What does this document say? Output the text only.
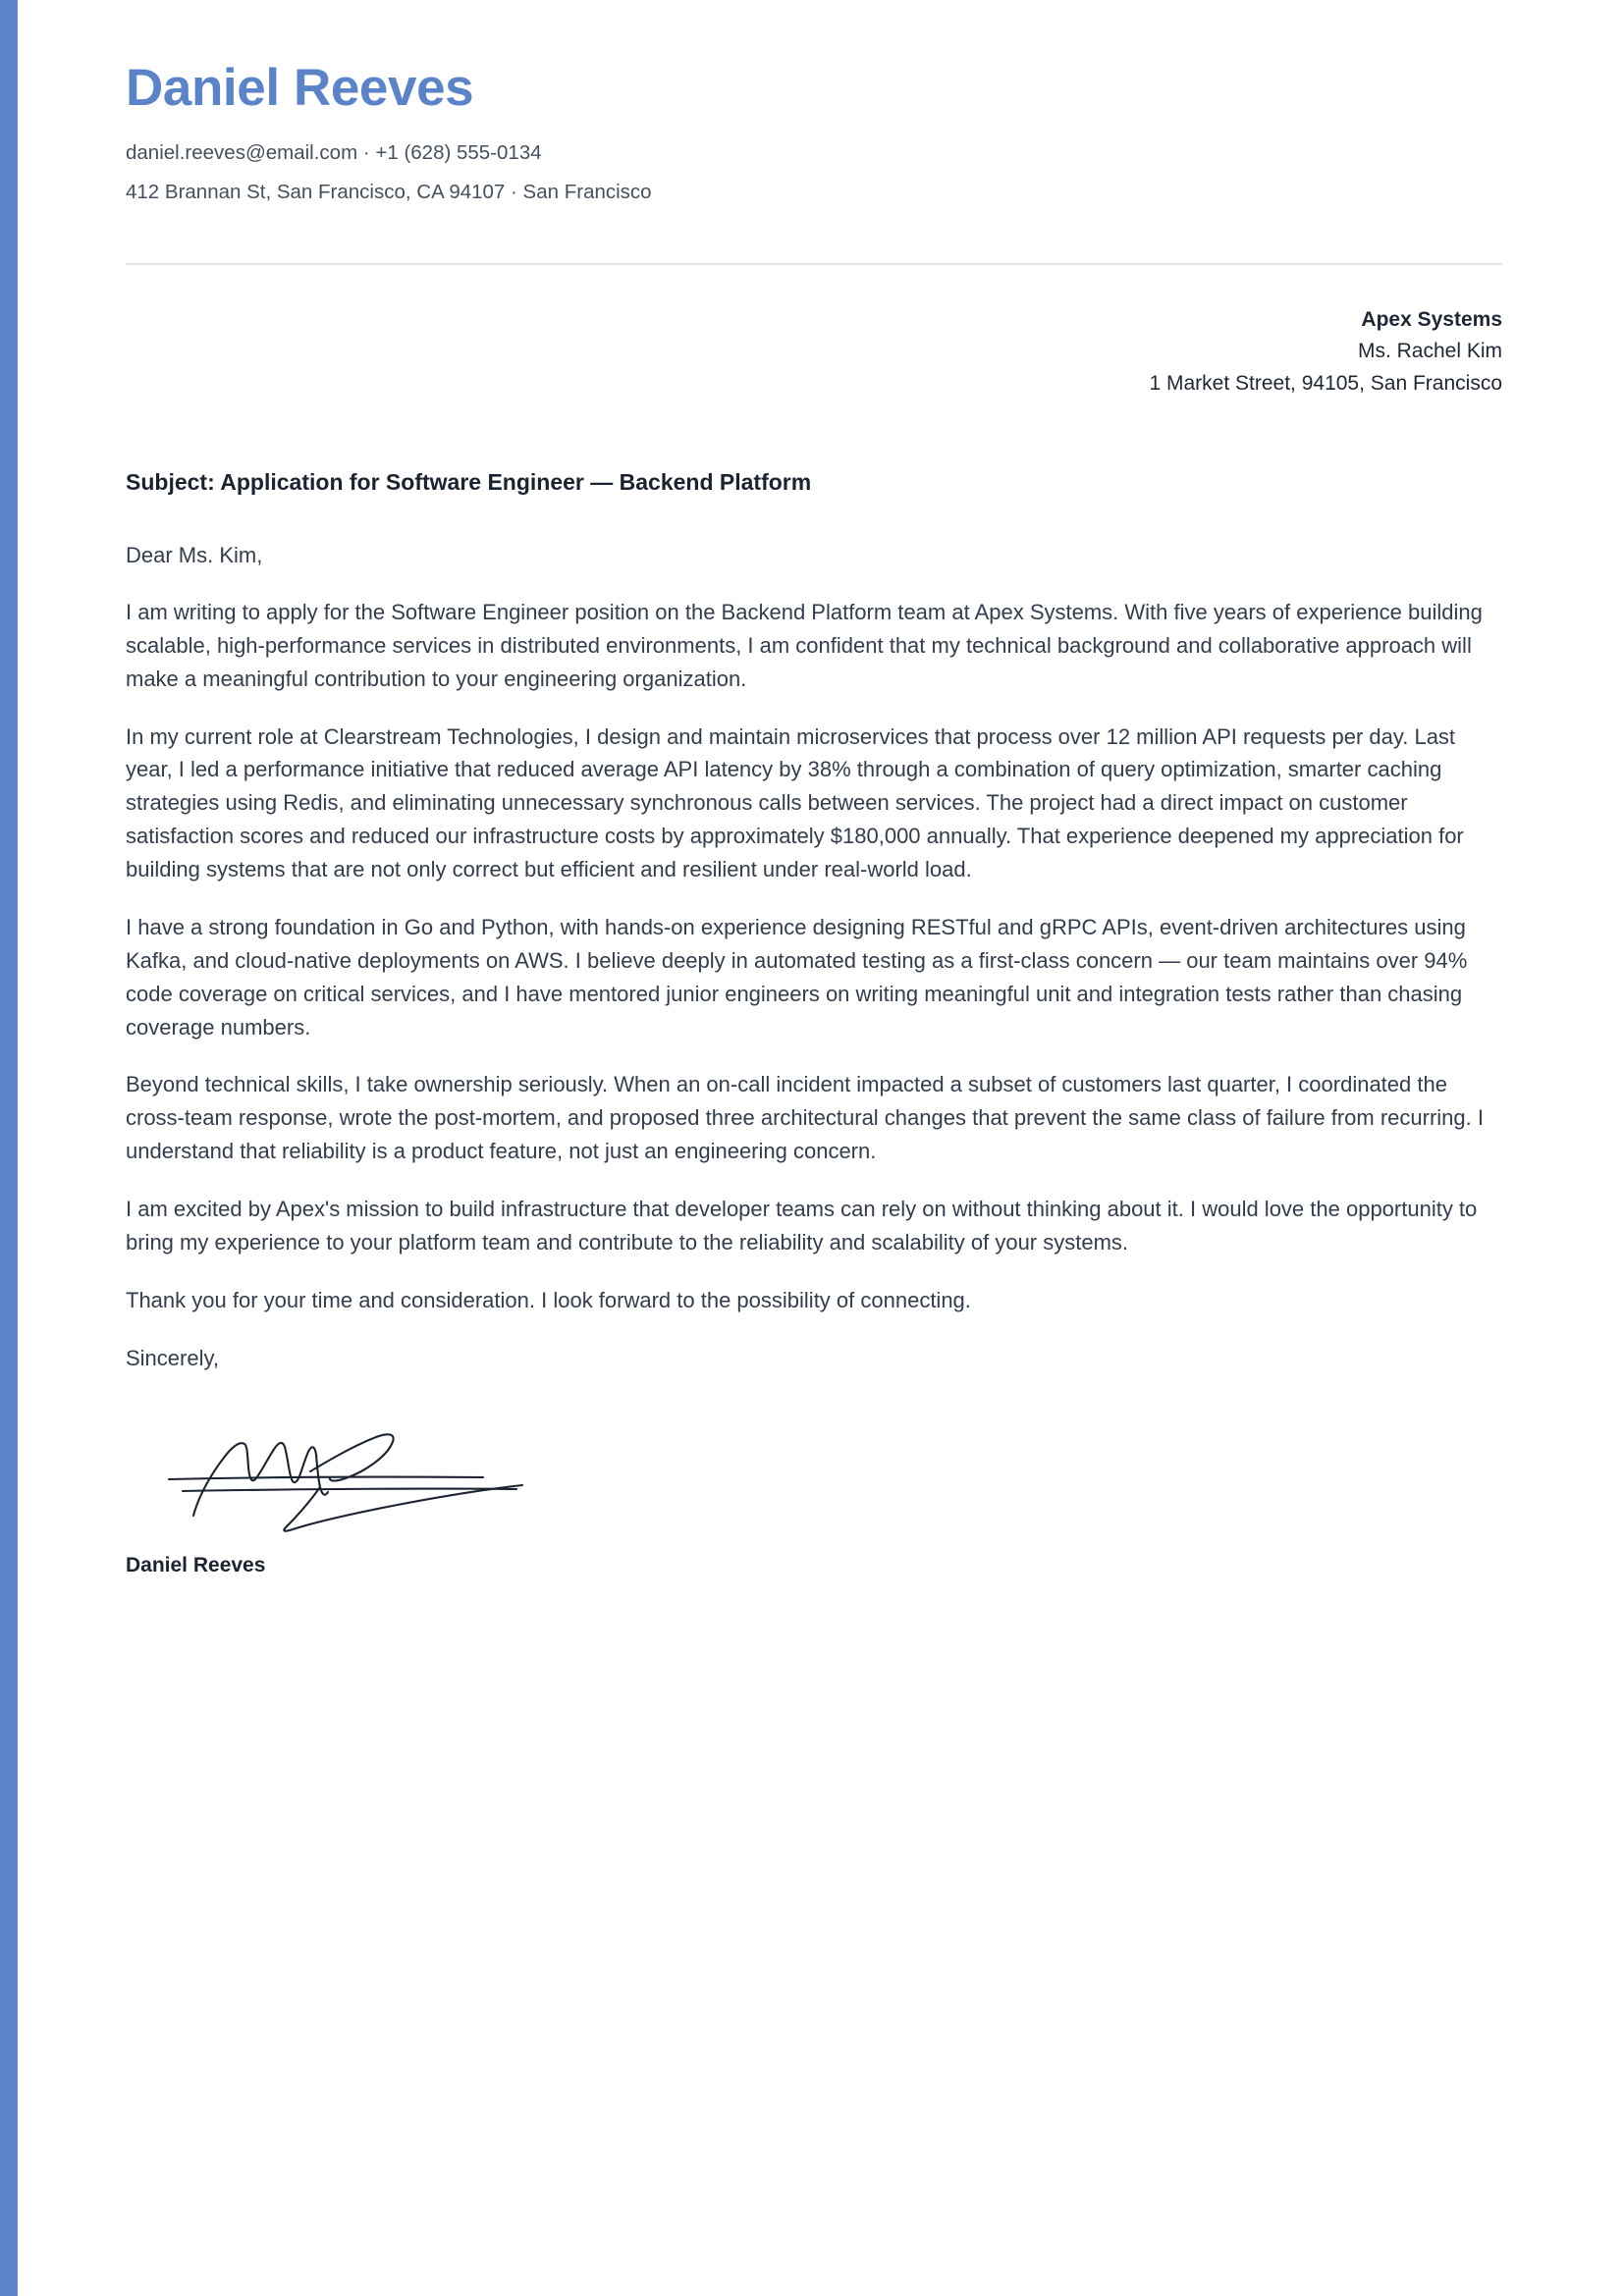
Daniel Reeves
daniel.reeves@email.com · +1 (628) 555-0134
412 Brannan St, San Francisco, CA 94107 · San Francisco
Apex Systems
Ms. Rachel Kim
1 Market Street, 94105, San Francisco
Subject: Application for Software Engineer — Backend Platform
Dear Ms. Kim,

I am writing to apply for the Software Engineer position on the Backend Platform team at Apex Systems. With five years of experience building scalable, high-performance services in distributed environments, I am confident that my technical background and collaborative approach will make a meaningful contribution to your engineering organization.

In my current role at Clearstream Technologies, I design and maintain microservices that process over 12 million API requests per day. Last year, I led a performance initiative that reduced average API latency by 38% through a combination of query optimization, smarter caching strategies using Redis, and eliminating unnecessary synchronous calls between services. The project had a direct impact on customer satisfaction scores and reduced our infrastructure costs by approximately $180,000 annually. That experience deepened my appreciation for building systems that are not only correct but efficient and resilient under real-world load.

I have a strong foundation in Go and Python, with hands-on experience designing RESTful and gRPC APIs, event-driven architectures using Kafka, and cloud-native deployments on AWS. I believe deeply in automated testing as a first-class concern — our team maintains over 94% code coverage on critical services, and I have mentored junior engineers on writing meaningful unit and integration tests rather than chasing coverage numbers.

Beyond technical skills, I take ownership seriously. When an on-call incident impacted a subset of customers last quarter, I coordinated the cross-team response, wrote the post-mortem, and proposed three architectural changes that prevent the same class of failure from recurring. I understand that reliability is a product feature, not just an engineering concern.

I am excited by Apex's mission to build infrastructure that developer teams can rely on without thinking about it. I would love the opportunity to bring my experience to your platform team and contribute to the reliability and scalability of your systems.

Thank you for your time and consideration. I look forward to the possibility of connecting.

Sincerely,

Daniel Reeves
